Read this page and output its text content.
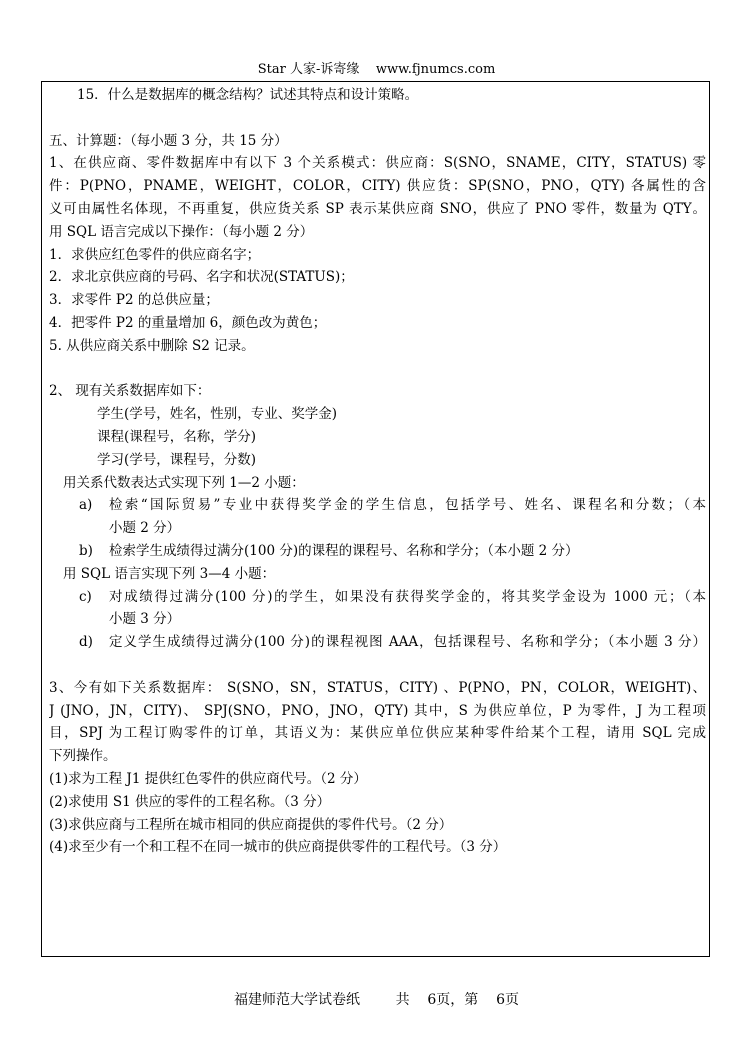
Star 人家-诉寄缘    www.fjnumcs.com
15．什么是数据库的概念结构？试述其特点和设计策略。
五、计算题：（每小题 3 分，共 15 分）
1、在供应商、零件数据库中有以下 3 个关系模式：供应商：S(SNO，SNAME，CITY，STATUS) 零
件：P(PNO，PNAME，WEIGHT，COLOR，CITY) 供应货：SP(SNO，PNO，QTY) 各属性的含
义可由属性名体现，不再重复，供应货关系 SP 表示某供应商 SNO，供应了 PNO 零件，数量为 QTY。
用 SQL 语言完成以下操作：（每小题 2 分）
1．求供应红色零件的供应商名字；
2．求北京供应商的号码、名字和状况(STATUS)；
3．求零件 P2 的总供应量；
4．把零件 P2 的重量增加 6，颜色改为黄色；
5. 从供应商关系中删除 S2 记录。
2、 现有关系数据库如下：
学生(学号，姓名，性别，专业、奖学金)
课程(课程号，名称，学分)
学习(学号，课程号，分数)
用关系代数表达式实现下列 1—2 小题：
a)	检索“国际贸易”专业中获得奖学金的学生信息，包括学号、姓名、课程名和分数；（本
小题 2 分）
b)	检索学生成绩得过满分(100 分)的课程的课程号、名称和学分；（本小题 2 分）
用 SQL 语言实现下列 3—4 小题：
c)	对成绩得过满分(100 分)的学生，如果没有获得奖学金的，将其奖学金设为 1000 元；（本
小题 3 分）
d)	定义学生成绩得过满分(100 分)的课程视图 AAA，包括课程号、名称和学分；（本小题 3 分）
3、今有如下关系数据库： S(SNO，SN，STATUS，CITY) 、P(PNO，PN，COLOR，WEIGHT)、
J (JNO，JN，CITY)、 SPJ(SNO，PNO，JNO，QTY) 其中，S 为供应单位，P 为零件，J 为工程项
目，SPJ 为工程订购零件的订单，其语义为：某供应单位供应某种零件给某个工程，请用 SQL 完成
下列操作。
(1)求为工程 J1 提供红色零件的供应商代号。（2 分）
(2)求使用 S1 供应的零件的工程名称。（3 分）
(3)求供应商与工程所在城市相同的供应商提供的零件代号。（2 分）
(4)求至少有一个和工程不在同一城市的供应商提供零件的工程代号。（3 分）
福建师范大学试卷纸        共    6页，第    6页
